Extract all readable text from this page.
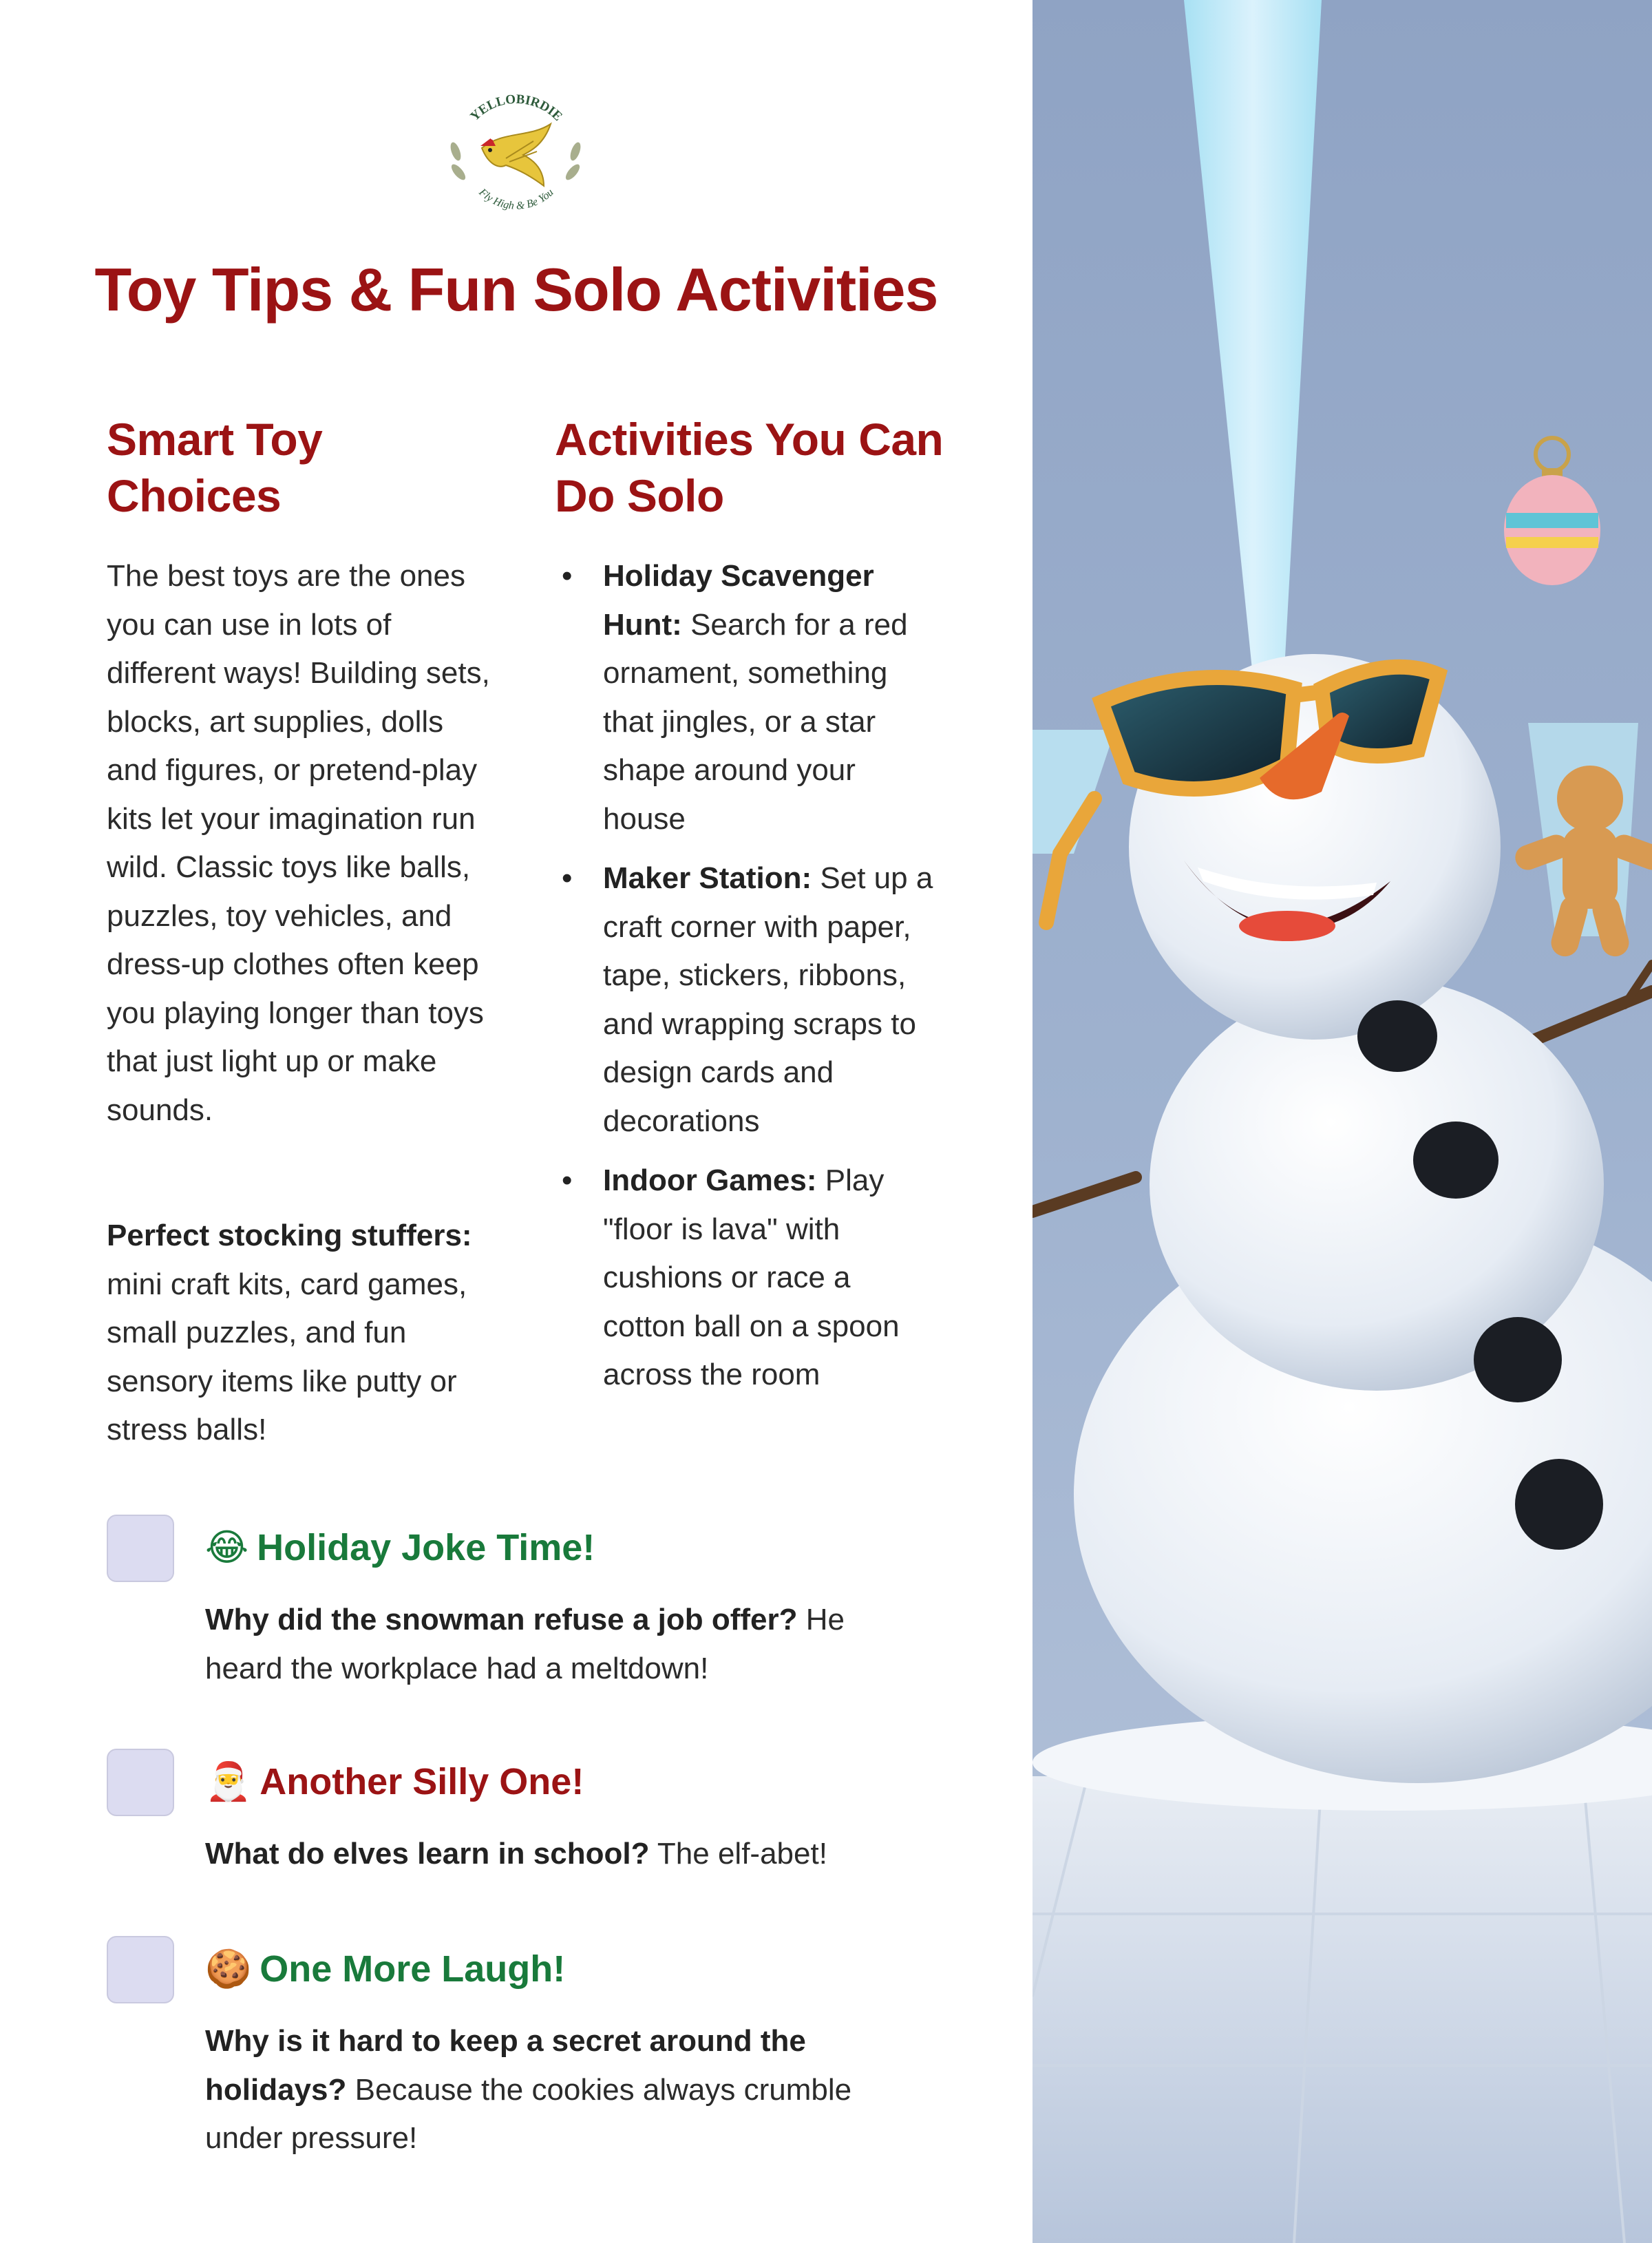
YELLOBIRDIE
Fly High & Be You
Toy Tips & Fun Solo Activities
Smart Toy Choices

The best toys are the ones you can use in lots of different ways! Building sets, blocks, art supplies, dolls and figures, or pretend-play kits let your imagination run wild. Classic toys like balls, puzzles, toy vehicles, and dress-up clothes often keep you playing longer than toys that just light up or make sounds.

Perfect stocking stuffers: mini craft kits, card games, small puzzles, and fun sensory items like putty or stress balls!

Activities You Can Do Solo
• Holiday Scavenger Hunt: Search for a red ornament, something that jingles, or a star shape around your house
• Maker Station: Set up a craft corner with paper, tape, stickers, ribbons, and wrapping scraps to design cards and decorations
• Indoor Games: Play "floor is lava" with cushions or race a cotton ball on a spoon across the room
😂 Holiday Joke Time!

Why did the snowman refuse a job offer? He heard the workplace had a meltdown!

🎅 Another Silly One!

What do elves learn in school? The elf-abet!

🍪 One More Laugh!

Why is it hard to keep a secret around the holidays? Because the cookies always crumble under pressure!
